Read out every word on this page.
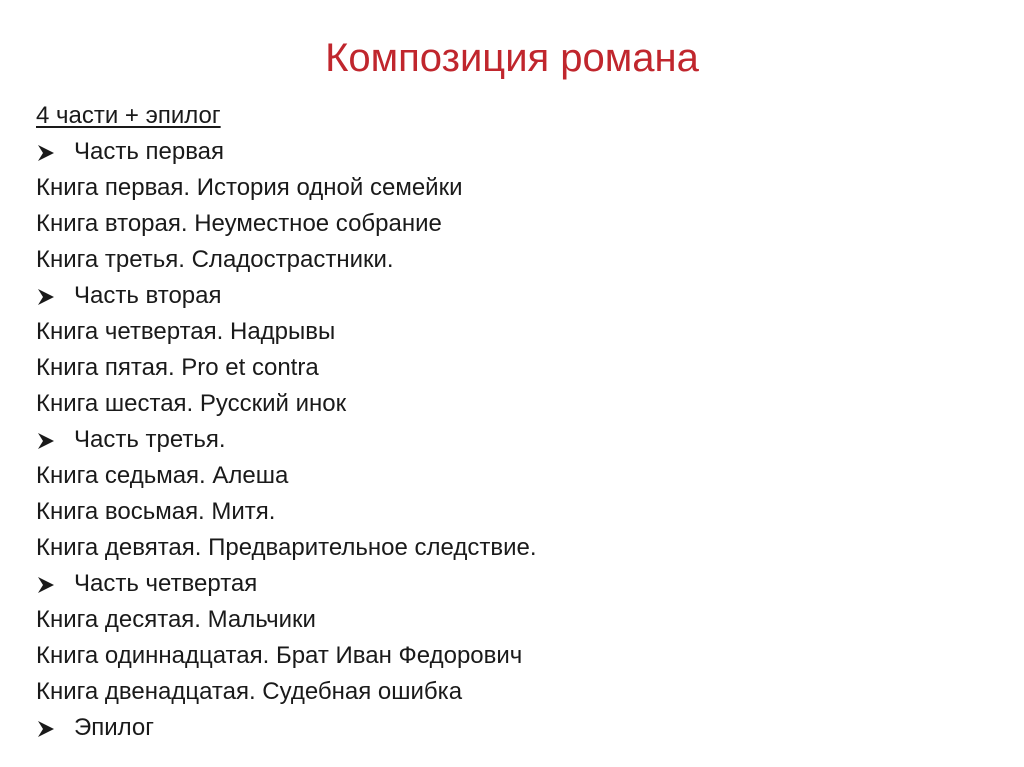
Композиция романа
4 части + эпилог
Часть первая
Книга первая. История одной семейки
Книга вторая. Неуместное собрание
Книга третья. Сладострастники.
Часть вторая
Книга четвертая. Надрывы
Книга пятая. Pro et contra
Книга шестая. Русский инок
Часть третья.
Книга седьмая. Алеша
Книга восьмая. Митя.
Книга девятая. Предварительное следствие.
Часть четвертая
Книга десятая. Мальчики
Книга одиннадцатая. Брат Иван Федорович
Книга двенадцатая. Судебная ошибка
Эпилог
